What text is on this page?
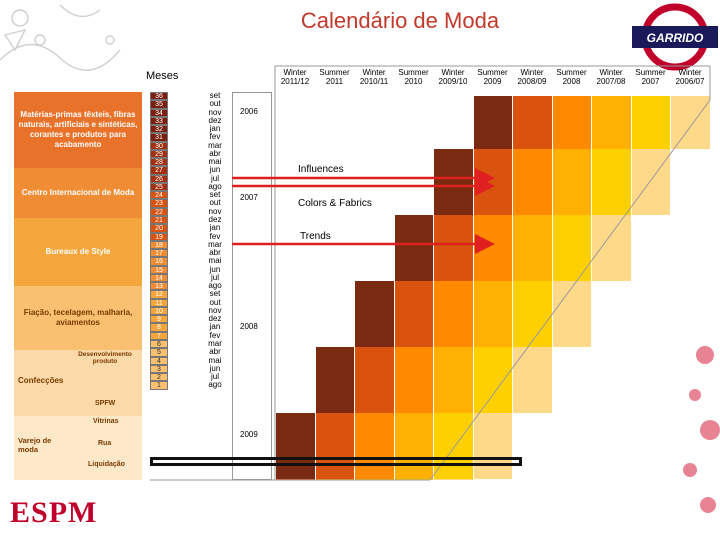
Calendário de Moda
GARRIDO
Meses
Matérias-primas têxteis, fibras naturais, artificiais e sintéticas, corantes e produtos para acabamento
Centro Internacional de Moda
Bureaux de Style
Fiação, tecelagem, malharia, aviamentos
Desenvolvimento produto
Confecções
SPFW
Vitrinas
Rua
Varejo de moda
Liquidação
36
35
34
33
32
31
30
29
28
27
26
25
24
23
22
21
20
19
18
17
16
15
14
13
12
11
10
9
8
7
6
5
4
3
2
1
set
out
nov
dez
jan
fev
mar
abr
mai
jun
jul
ago
set
out
nov
dez
jan
fev
mar
abr
mai
jun
jul
ago
set
out
nov
dez
jan
fev
mar
abr
mai
jun
jul
ago
2006
2007
2008
2009
Winter 2011/12
Summer 2011
Winter 2010/11
Summer 2010
Winter 2009/10
Summer 2009
Winter 2008/09
Summer 2008
Winter 2007/08
Summer 2007
Winter 2006/07
Influences
Colors & Fabrics
Trends
ESPM
